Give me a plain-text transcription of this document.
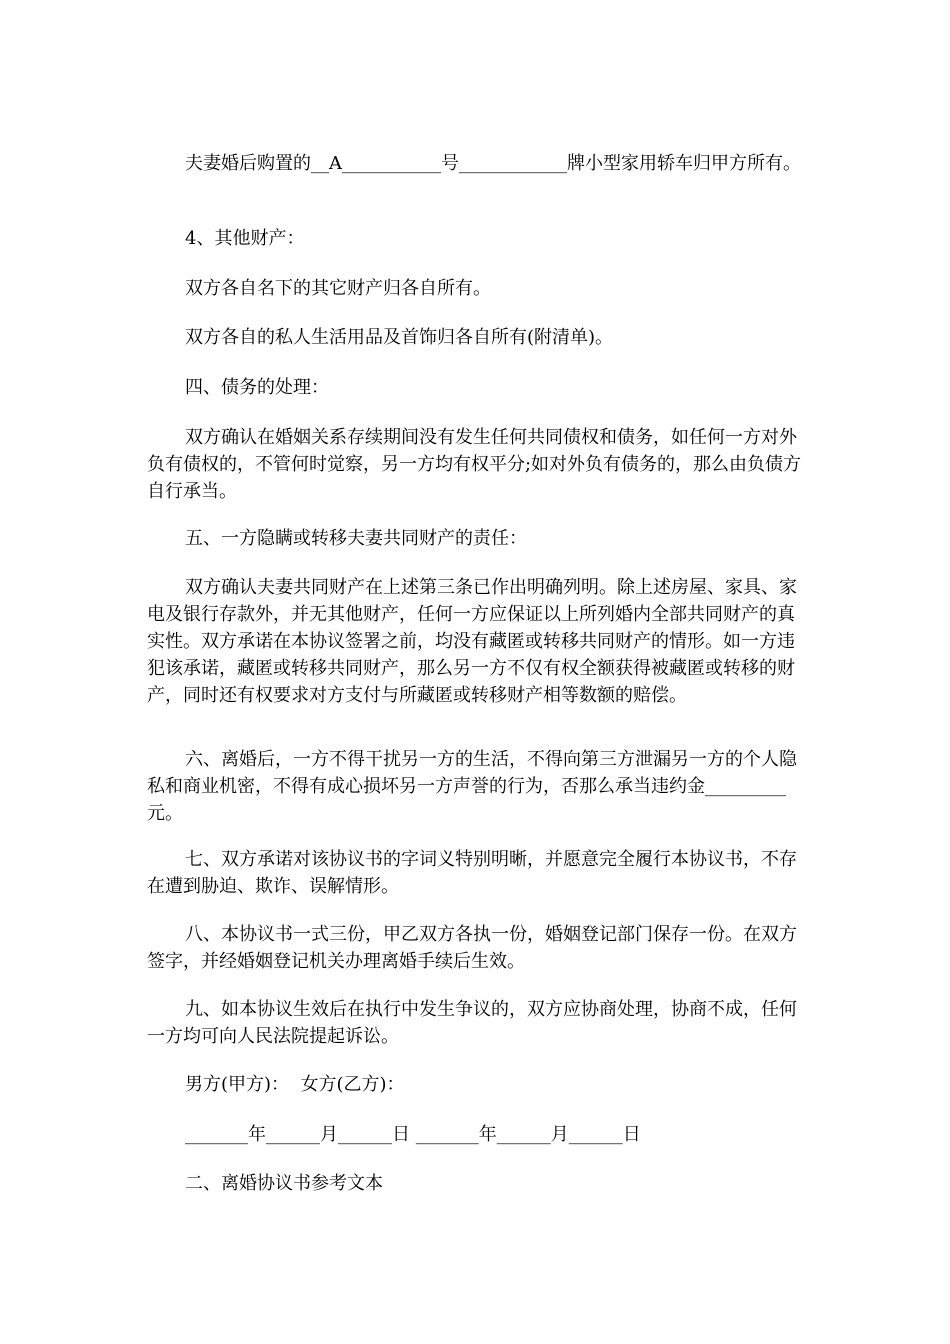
夫妻婚后购置的__A___________号____________牌小型家用轿车归甲方所有。
4、其他财产：
双方各自名下的其它财产归各自所有。
双方各自的私人生活用品及首饰归各自所有(附清单)。
四、债务的处理：
双方确认在婚姻关系存续期间没有发生任何共同债权和债务，如任何一方对外负有债权的，不管何时觉察，另一方均有权平分;如对外负有债务的，那么由负债方自行承当。
五、一方隐瞒或转移夫妻共同财产的责任：
双方确认夫妻共同财产在上述第三条已作出明确列明。除上述房屋、家具、家电及银行存款外，并无其他财产，任何一方应保证以上所列婚内全部共同财产的真实性。双方承诺在本协议签署之前，均没有藏匿或转移共同财产的情形。如一方违犯该承诺，藏匿或转移共同财产，那么另一方不仅有权全额获得被藏匿或转移的财产，同时还有权要求对方支付与所藏匿或转移财产相等数额的赔偿。
六、离婚后，一方不得干扰另一方的生活，不得向第三方泄漏另一方的个人隐私和商业机密，不得有成心损坏另一方声誉的行为，否那么承当违约金_________元。
七、双方承诺对该协议书的字词义特别明晰，并愿意完全履行本协议书，不存在遭到胁迫、欺诈、误解情形。
八、本协议书一式三份，甲乙双方各执一份，婚姻登记部门保存一份。在双方签字，并经婚姻登记机关办理离婚手续后生效。
九、如本协议生效后在执行中发生争议的，双方应协商处理，协商不成，任何一方均可向人民法院提起诉讼。
男方(甲方)：  女方(乙方)：
_______年______月______日 _______年______月______日
二、离婚协议书参考文本
